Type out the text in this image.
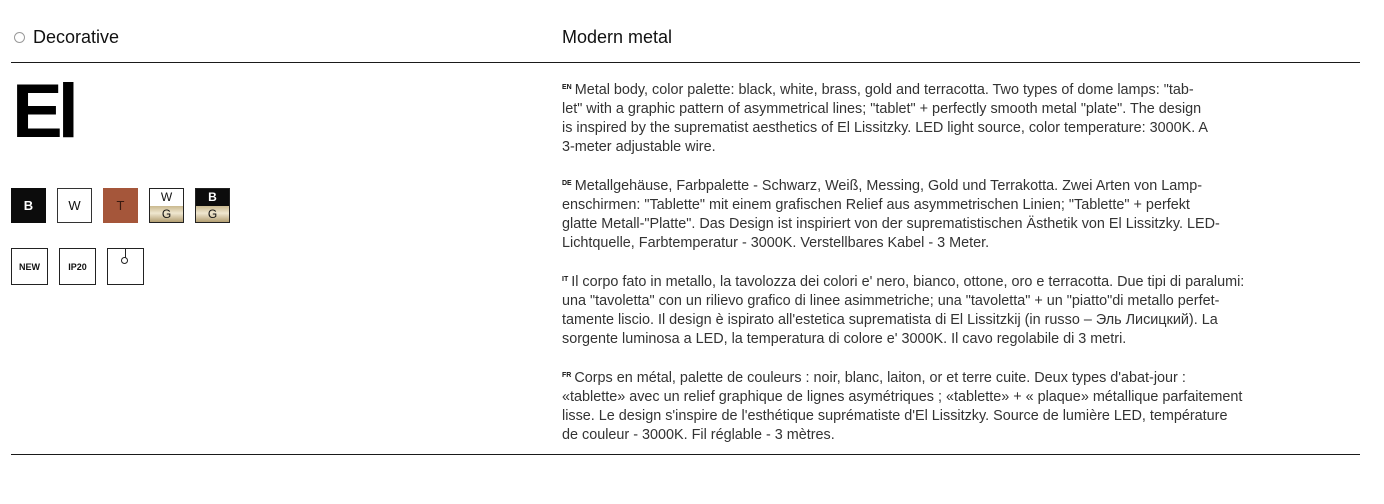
Decorative	Modern metal
El
B	W	T
W
G
B
G
NEW	IP20

$^{EN}$ Metal body, color palette: black, white, brass, gold and terracotta. Two types of dome lamps: "tab-

let" with a graphic pattern of asymmetrical lines; "tablet" + perfectly smooth metal "plate". The design

is inspired by the suprematist aesthetics of El Lissitzky. LED light source, color temperature: 3000K. A

3-meter adjustable wire.

$^{DE}$ Metallgehäuse, Farbpalette - Schwarz, Weiß, Messing, Gold und Terrakotta. Zwei Arten von Lamp-

enschirmen: "Tablette" mit einem grafischen Relief aus asymmetrischen Linien; "Tablette" + perfekt

glatte Metall-"Platte". Das Design ist inspiriert von der suprematistischen Ästhetik von El Lissitzky. LED-

Lichtquelle, Farbtemperatur - 3000K. Verstellbares Kabel - 3 Meter.

$^{IT}$ Il corpo fato in metallo, la tavolozza dei colori e' nero, bianco, ottone, oro e terracotta. Due tipi di paralumi:

una "tavoletta" con un rilievo grafico di linee asimmetriche; una "tavoletta" + un "piatto"di metallo perfet-

tamente liscio. Il design è ispirato all'estetica suprematista di El Lissitzkij (in russo – Эль Лисицкий). La

sorgente luminosa a LED, la temperatura di colore e' 3000K. Il cavo regolabile di 3 metri.

$^{FR}$ Corps en métal, palette de couleurs : noir, blanc, laiton, or et terre cuite. Deux types d'abat-jour :

«tablette» avec un relief graphique de lignes asymétriques ; «tablette» + « plaque» métallique parfaitement

lisse. Le design s'inspire de l'esthétique suprématiste d'El Lissitzky. Source de lumière LED, température

de couleur - 3000K. Fil réglable - 3 mètres.
